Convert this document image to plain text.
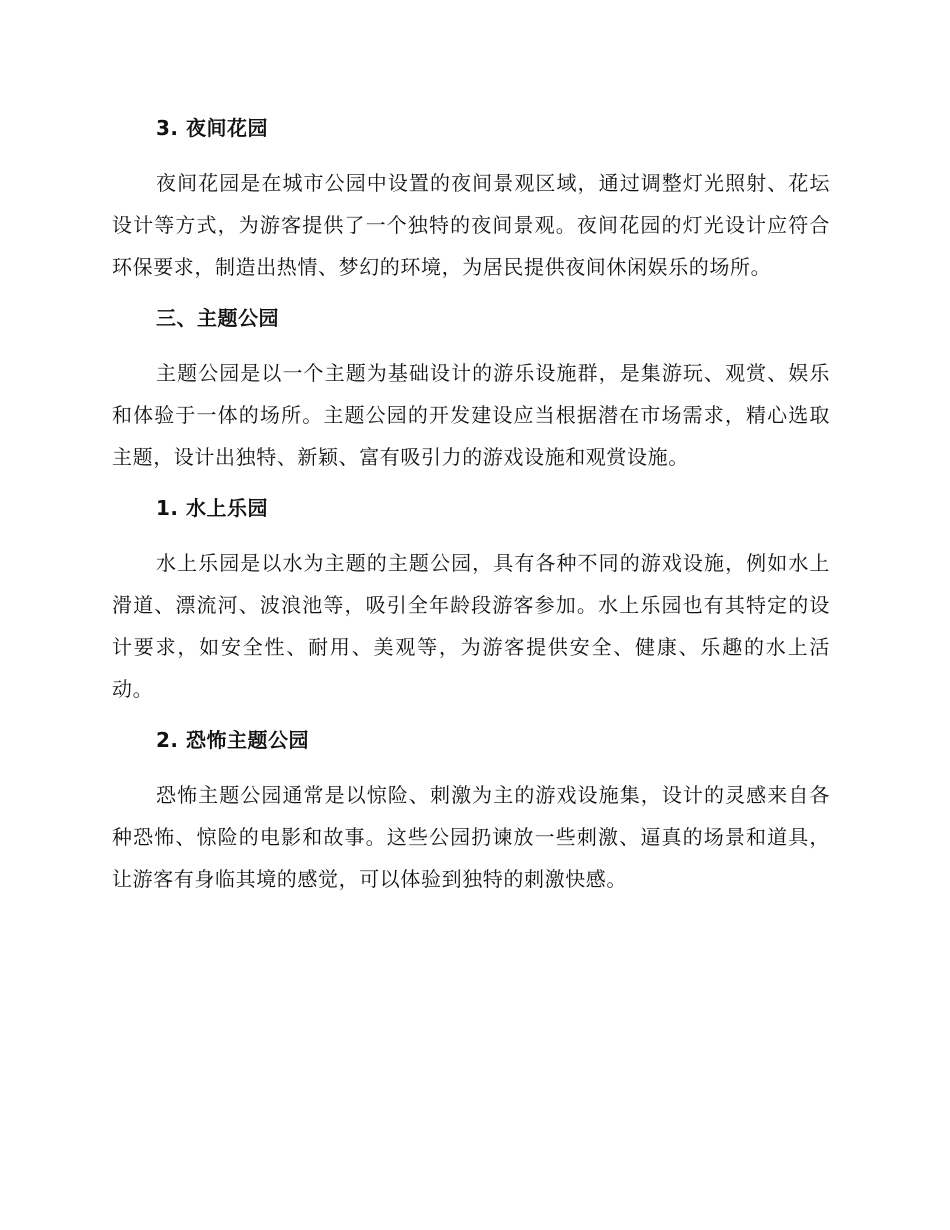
3. 夜间花园

夜间花园是在城市公园中设置的夜间景观区域，通过调整灯光照射、花坛设计等方式，为游客提供了一个独特的夜间景观。夜间花园的灯光设计应符合环保要求，制造出热情、梦幻的环境，为居民提供夜间休闲娱乐的场所。

三、主题公园

主题公园是以一个主题为基础设计的游乐设施群，是集游玩、观赏、娱乐和体验于一体的场所。主题公园的开发建设应当根据潜在市场需求，精心选取主题，设计出独特、新颖、富有吸引力的游戏设施和观赏设施。

1. 水上乐园

水上乐园是以水为主题的主题公园，具有各种不同的游戏设施，例如水上滑道、漂流河、波浪池等，吸引全年龄段游客参加。水上乐园也有其特定的设计要求，如安全性、耐用、美观等，为游客提供安全、健康、乐趣的水上活动。

2. 恐怖主题公园

恐怖主题公园通常是以惊险、刺激为主的游戏设施集，设计的灵感来自各种恐怖、惊险的电影和故事。这些公园扔谏放一些刺激、逼真的场景和道具，让游客有身临其境的感觉，可以体验到独特的刺激快感。
